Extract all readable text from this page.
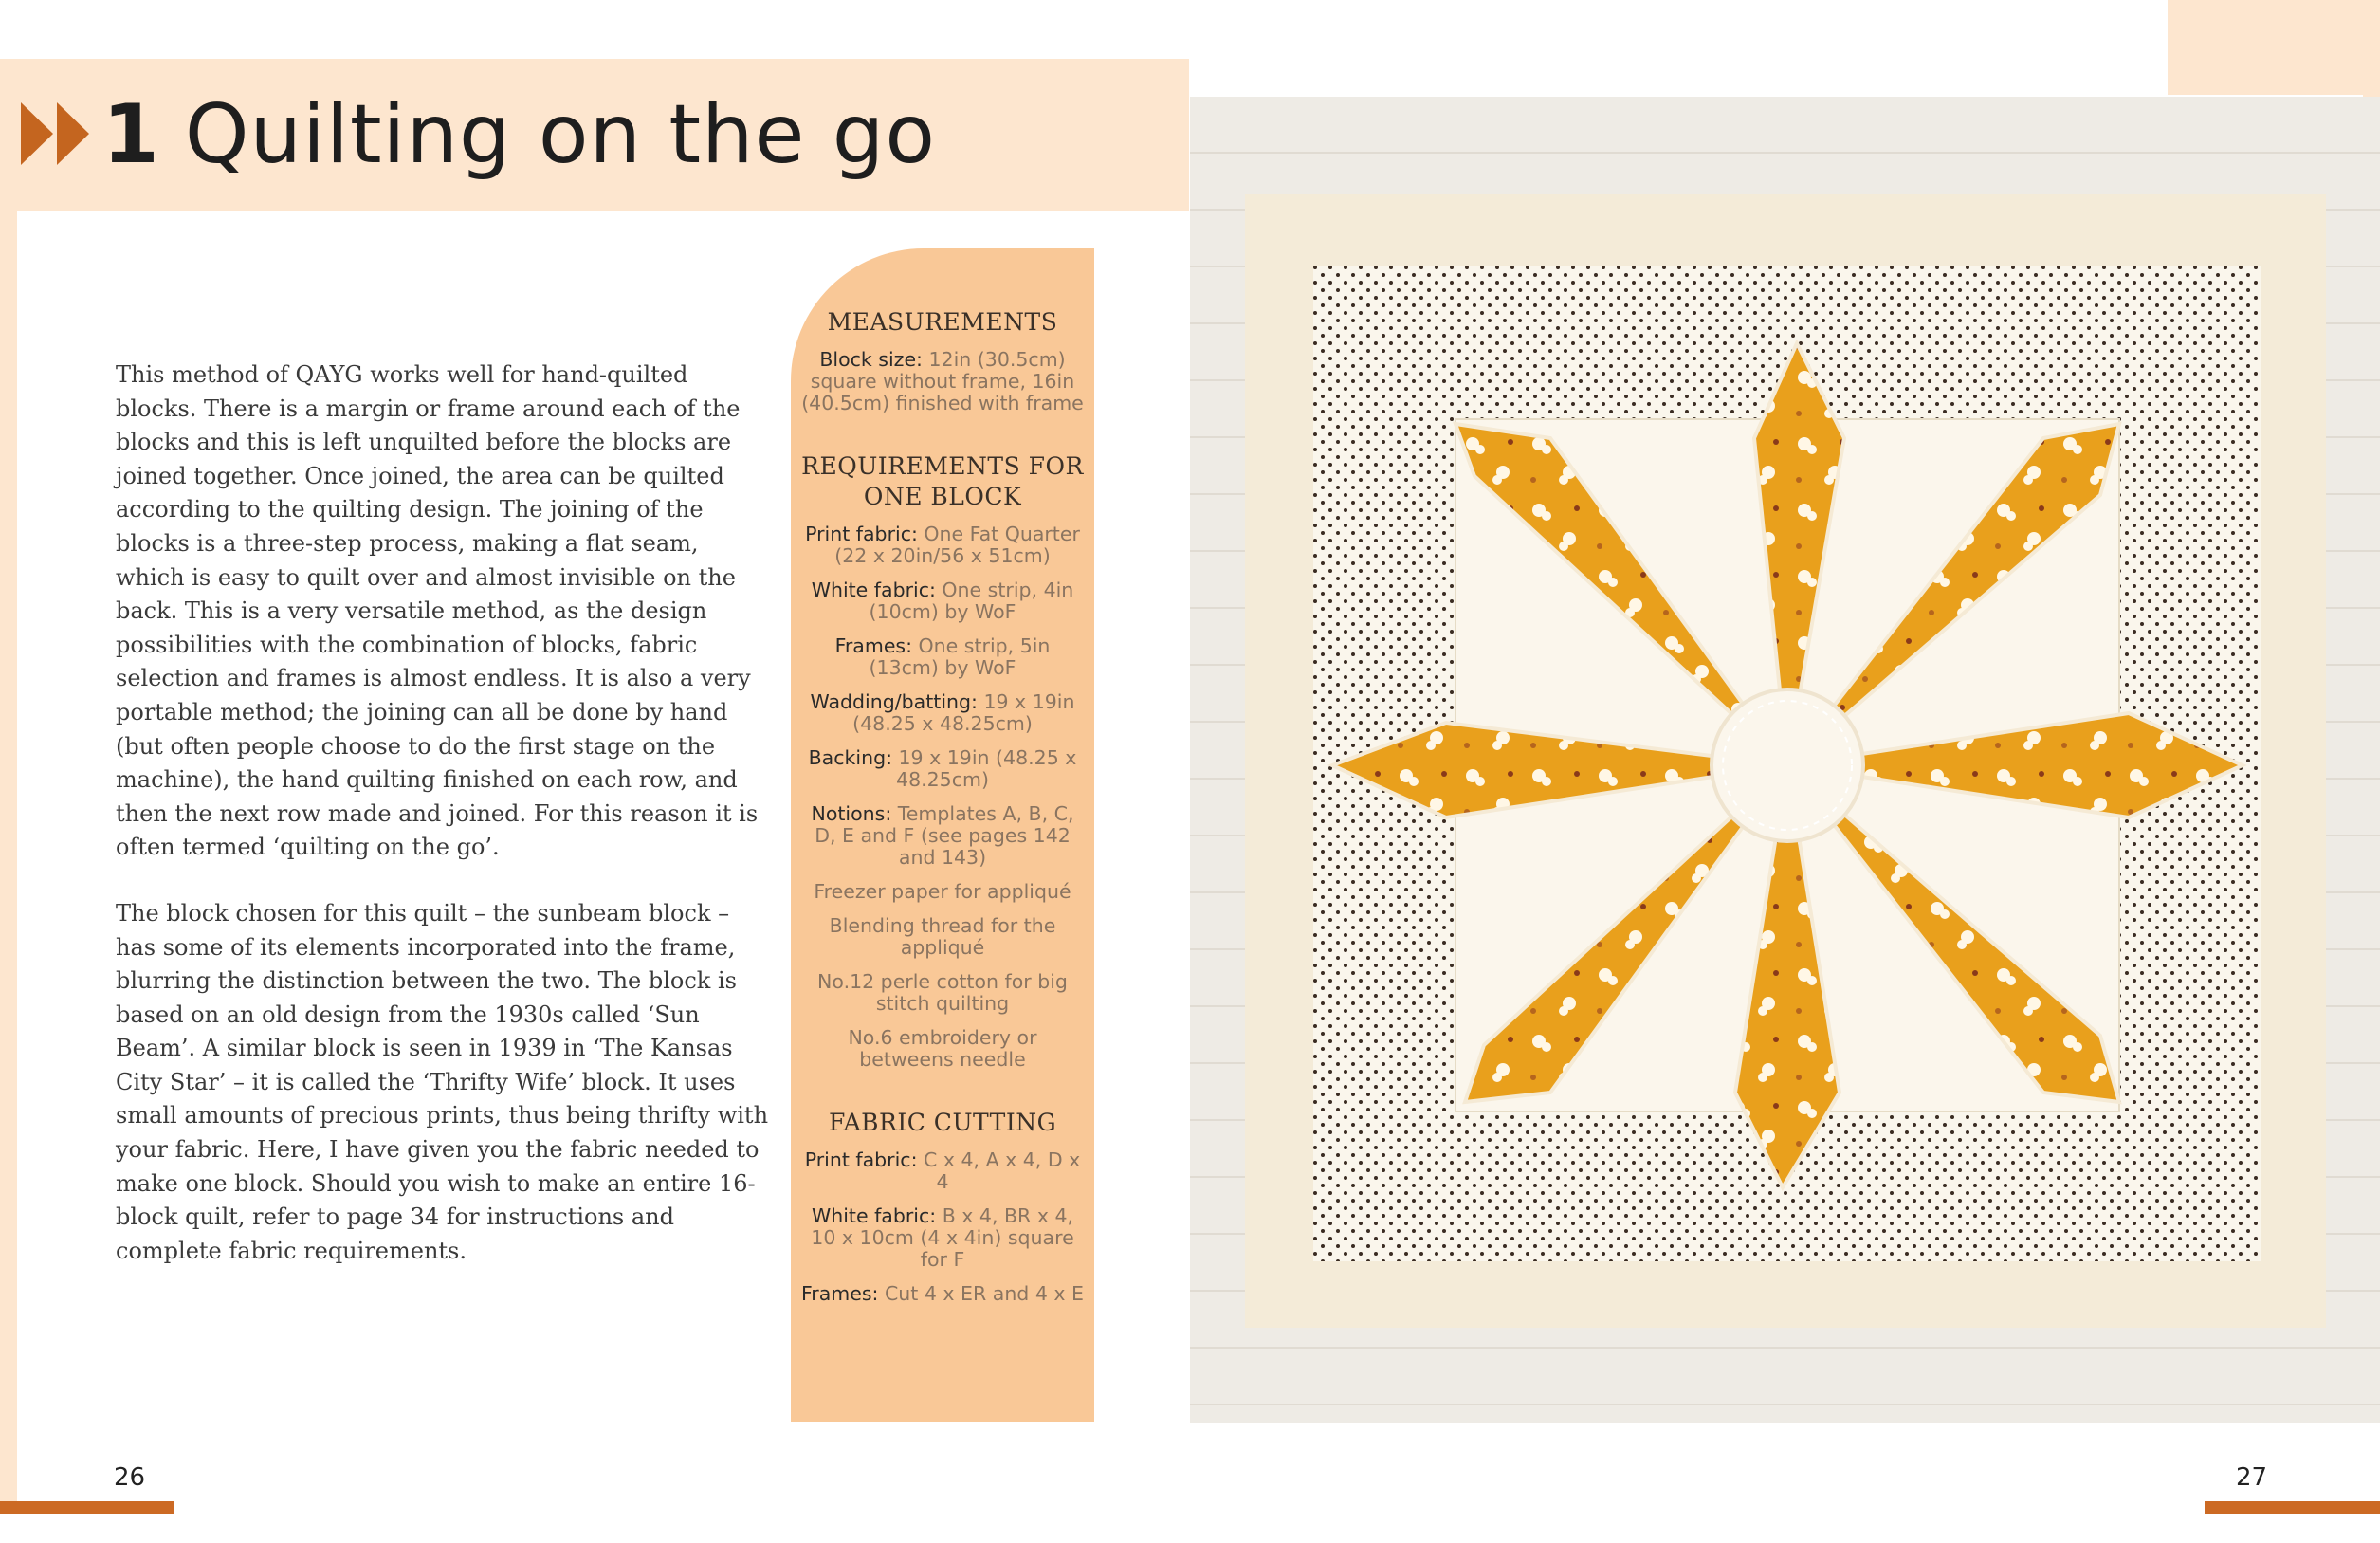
1 Quilting on the go

This method of QAYG works well for hand-quilted blocks. There is a margin or frame around each of the blocks and this is left unquilted before the blocks are joined together. Once joined, the area can be quilted according to the quilting design. The joining of the blocks is a three-step process, making a flat seam, which is easy to quilt over and almost invisible on the back. This is a very versatile method, as the design possibilities with the combination of blocks, fabric selection and frames is almost endless. It is also a very portable method; the joining can all be done by hand (but often people choose to do the first stage on the machine), the hand quilting finished on each row, and then the next row made and joined. For this reason it is often termed ‘quilting on the go’.

The block chosen for this quilt – the sunbeam block – has some of its elements incorporated into the frame, blurring the distinction between the two. The block is based on an old design from the 1930s called ‘Sun Beam’. A similar block is seen in 1939 in ‘The Kansas City Star’ – it is called the ‘Thrifty Wife’ block. It uses small amounts of precious prints, thus being thrifty with your fabric. Here, I have given you the fabric needed to make one block. Should you wish to make an entire 16-block quilt, refer to page 34 for instructions and complete fabric requirements.

MEASUREMENTS
Block size: 12in (30.5cm) square without frame, 16in (40.5cm) finished with frame
REQUIREMENTS FOR ONE BLOCK
Print fabric: One Fat Quarter (22 x 20in/56 x 51cm)
White fabric: One strip, 4in (10cm) by WoF
Frames: One strip, 5in (13cm) by WoF
Wadding/batting: 19 x 19in (48.25 x 48.25cm)
Backing: 19 x 19in (48.25 x 48.25cm)
Notions: Templates A, B, C, D, E and F (see pages 142 and 143)
Freezer paper for appliqué
Blending thread for the appliqué
No.12 perle cotton for big stitch quilting
No.6 embroidery or betweens needle
FABRIC CUTTING
Print fabric: C x 4, A x 4, D x 4
White fabric: B x 4, BR x 4, 10 x 10cm (4 x 4in) square for F
Frames: Cut 4 x ER and 4 x E
26	27
